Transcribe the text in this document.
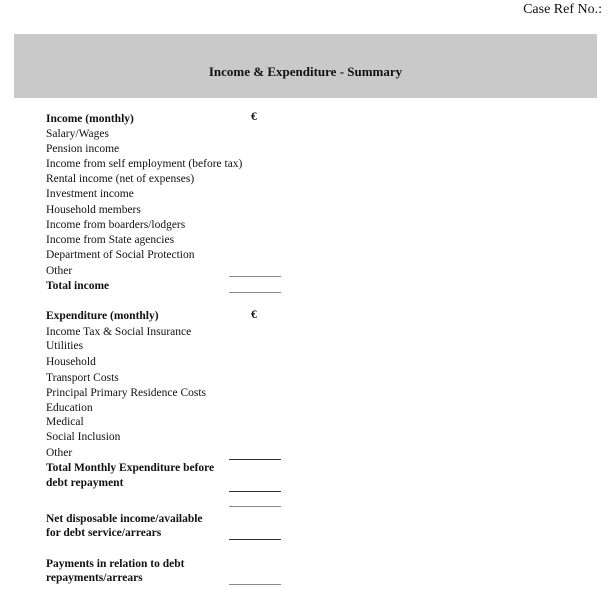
Case Ref No.:
Income & Expenditure - Summary
Income (monthly)	€
Salary/Wages
Pension income
Income from self employment (before tax)
Rental income (net of expenses)
Investment income
Household members
Income from boarders/lodgers
Income from State agencies
Department of Social Protection
Other
Total income
Expenditure (monthly)	€
Income Tax & Social Insurance
Utilities
Household
Transport Costs
Principal Primary Residence Costs
Education
Medical
Social Inclusion
Other
Total Monthly Expenditure before
debt repayment
Net disposable income/available
for debt service/arrears
Payments in relation to debt
repayments/arrears
